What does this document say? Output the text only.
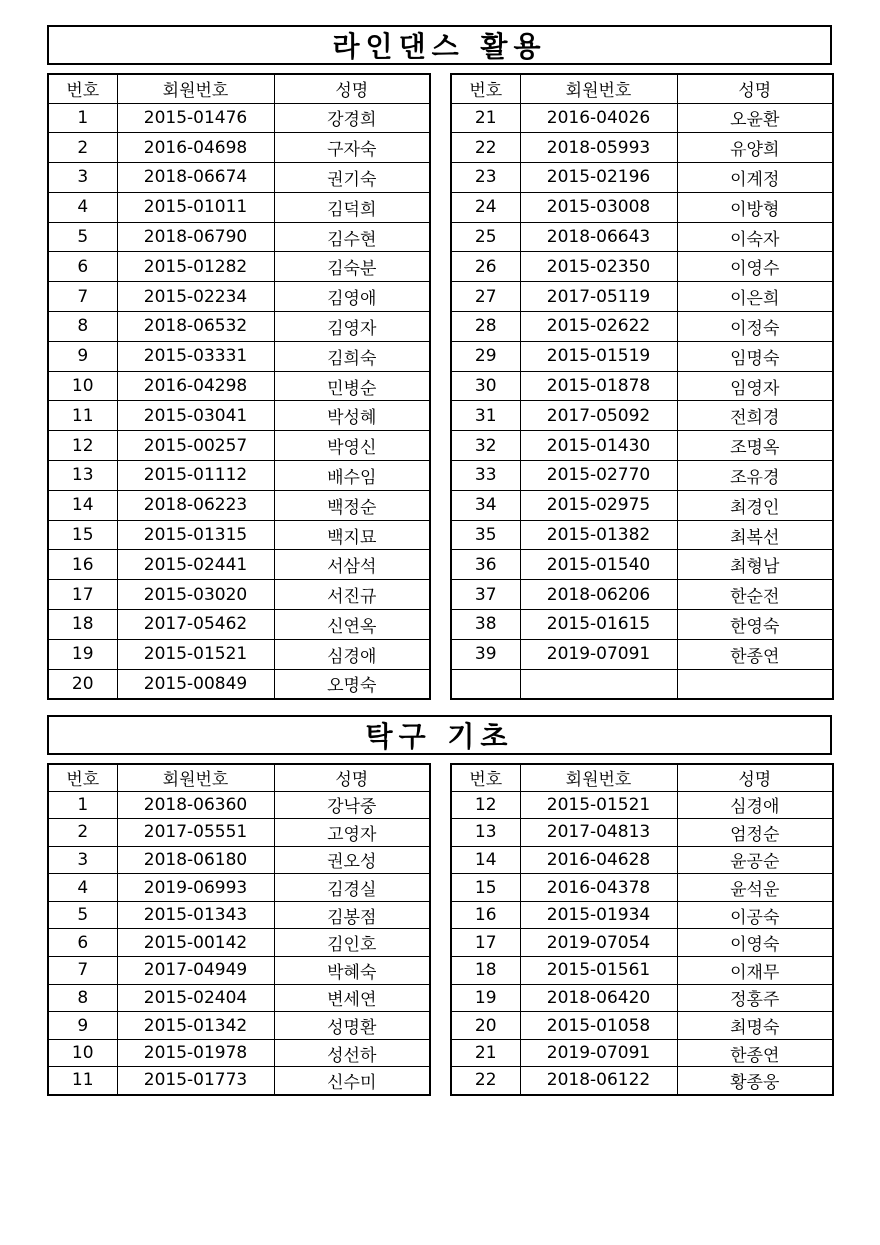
라인댄스 활용
번호	회원번호	성명
1	2015-01476	강경희
2	2016-04698	구자숙
3	2018-06674	권기숙
4	2015-01011	김덕희
5	2018-06790	김수현
6	2015-01282	김숙분
7	2015-02234	김영애
8	2018-06532	김영자
9	2015-03331	김희숙
10	2016-04298	민병순
11	2015-03041	박성혜
12	2015-00257	박영신
13	2015-01112	배수임
14	2018-06223	백정순
15	2015-01315	백지묘
16	2015-02441	서삼석
17	2015-03020	서진규
18	2017-05462	신연옥
19	2015-01521	심경애
20	2015-00849	오명숙
번호	회원번호	성명
21	2016-04026	오윤환
22	2018-05993	유양희
23	2015-02196	이계정
24	2015-03008	이방형
25	2018-06643	이숙자
26	2015-02350	이영수
27	2017-05119	이은희
28	2015-02622	이정숙
29	2015-01519	임명숙
30	2015-01878	임영자
31	2017-05092	전희경
32	2015-01430	조명옥
33	2015-02770	조유경
34	2015-02975	최경인
35	2015-01382	최복선
36	2015-01540	최형남
37	2018-06206	한순전
38	2015-01615	한영숙
39	2019-07091	한종연

탁구 기초
번호	회원번호	성명
1	2018-06360	강낙중
2	2017-05551	고영자
3	2018-06180	권오성
4	2019-06993	김경실
5	2015-01343	김봉점
6	2015-00142	김인호
7	2017-04949	박혜숙
8	2015-02404	변세연
9	2015-01342	성명환
10	2015-01978	성선하
11	2015-01773	신수미
번호	회원번호	성명
12	2015-01521	심경애
13	2017-04813	엄정순
14	2016-04628	윤공순
15	2016-04378	윤석운
16	2015-01934	이공숙
17	2019-07054	이영숙
18	2015-01561	이재무
19	2018-06420	정홍주
20	2015-01058	최명숙
21	2019-07091	한종연
22	2018-06122	황종웅
